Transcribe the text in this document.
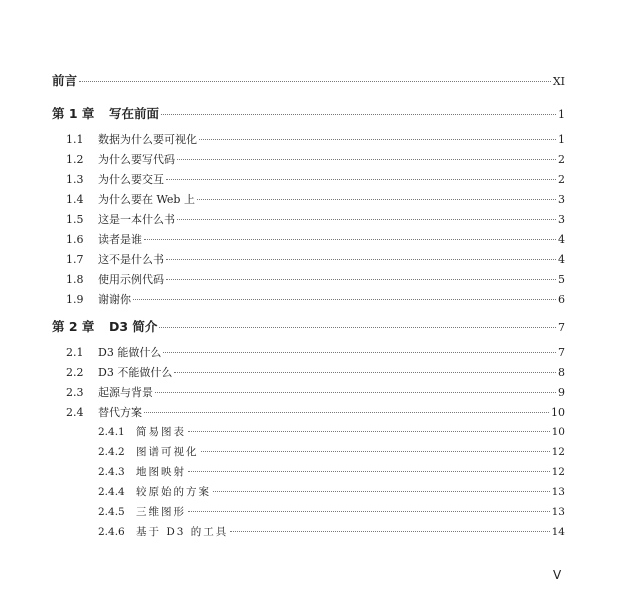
前言	XI
第 1 章	写在前面	1
1.1	数据为什么要可视化	1
1.2	为什么要写代码	2
1.3	为什么要交互	2
1.4	为什么要在 Web 上	3
1.5	这是一本什么书	3
1.6	读者是谁	4
1.7	这不是什么书	4
1.8	使用示例代码	5
1.9	谢谢你	6
第 2 章	D3 简介	7
2.1	D3 能做什么	7
2.2	D3 不能做什么	8
2.3	起源与背景	9
2.4	替代方案	10
2.4.1	简易图表	10
2.4.2	图谱可视化	12
2.4.3	地图映射	12
2.4.4	较原始的方案	13
2.4.5	三维图形	13
2.4.6	基于 D3 的工具	14
V
